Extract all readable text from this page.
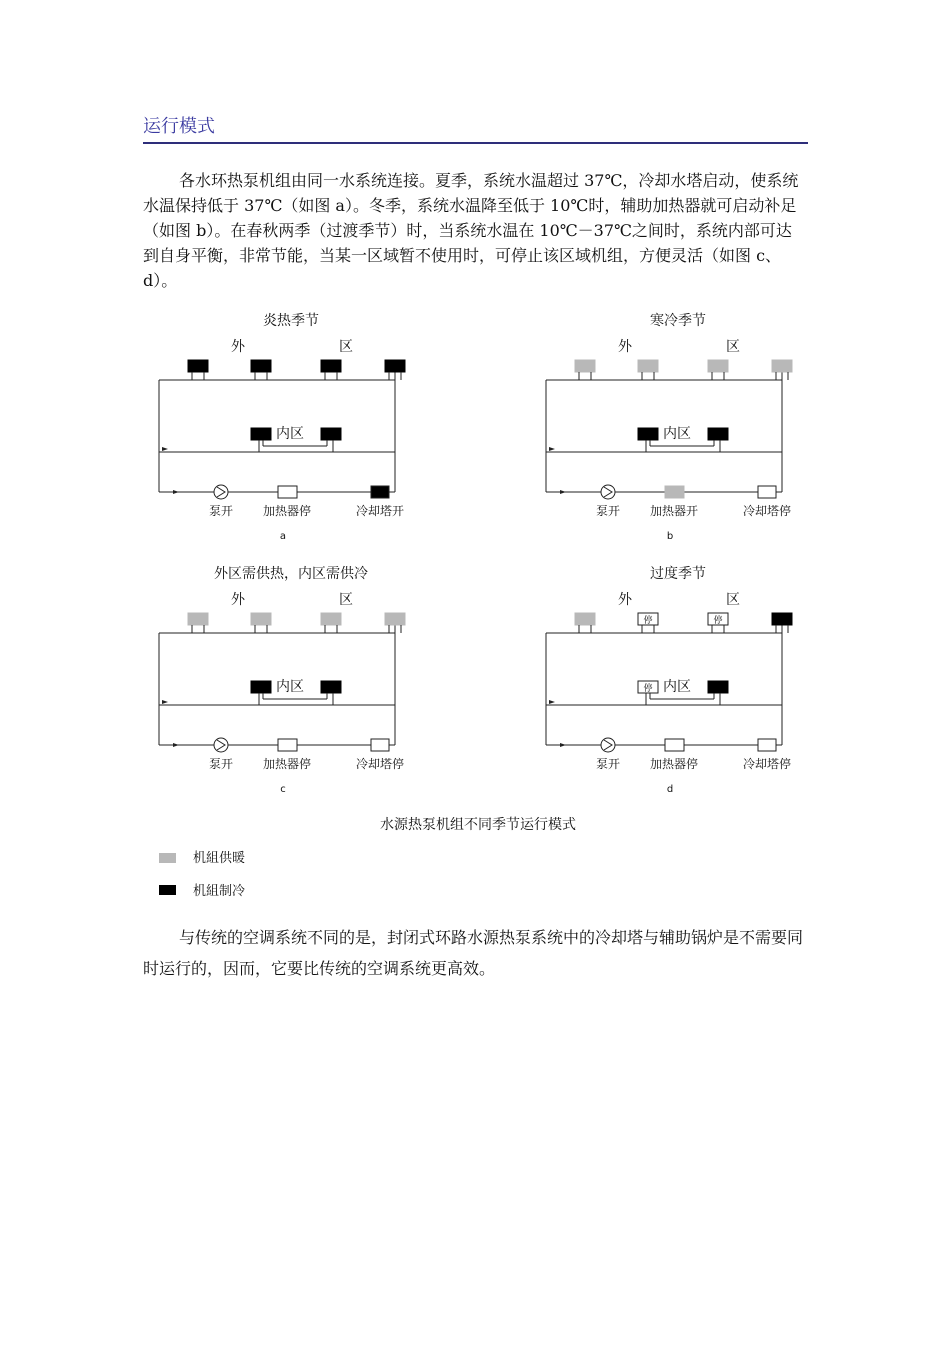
运行模式

各水环热泵机组由同一水系统连接。夏季，系统水温超过 37℃，冷却水塔启动，使系统水温保持低于 37℃（如图 a）。冬季，系统水温降至低于 10℃时，辅助加热器就可启动补足（如图 b）。在春秋两季（过渡季节）时，当系统水温在 10℃－37℃之间时，系统内部可达到自身平衡，非常节能，当某一区域暂不使用时，可停止该区域机组，方便灵活（如图 c、d）。

炎热季节
外	区
内区
泵开 加热器停	冷却塔开
a
寒冷季节
外	区
内区
泵开 加热器开	冷却塔停
b
外区需供热，内区需供冷
外	区
内区
泵开 加热器停	冷却塔停
c
过度季节
外	区
停	停
停 内区
泵开 加热器停	冷却塔停
d
水源热泵机组不同季节运行模式
机組供暖
机組制冷

与传统的空调系统不同的是，封闭式环路水源热泵系统中的冷却塔与辅助锅炉是不需要同时运行的，因而，它要比传统的空调系统更高效。
